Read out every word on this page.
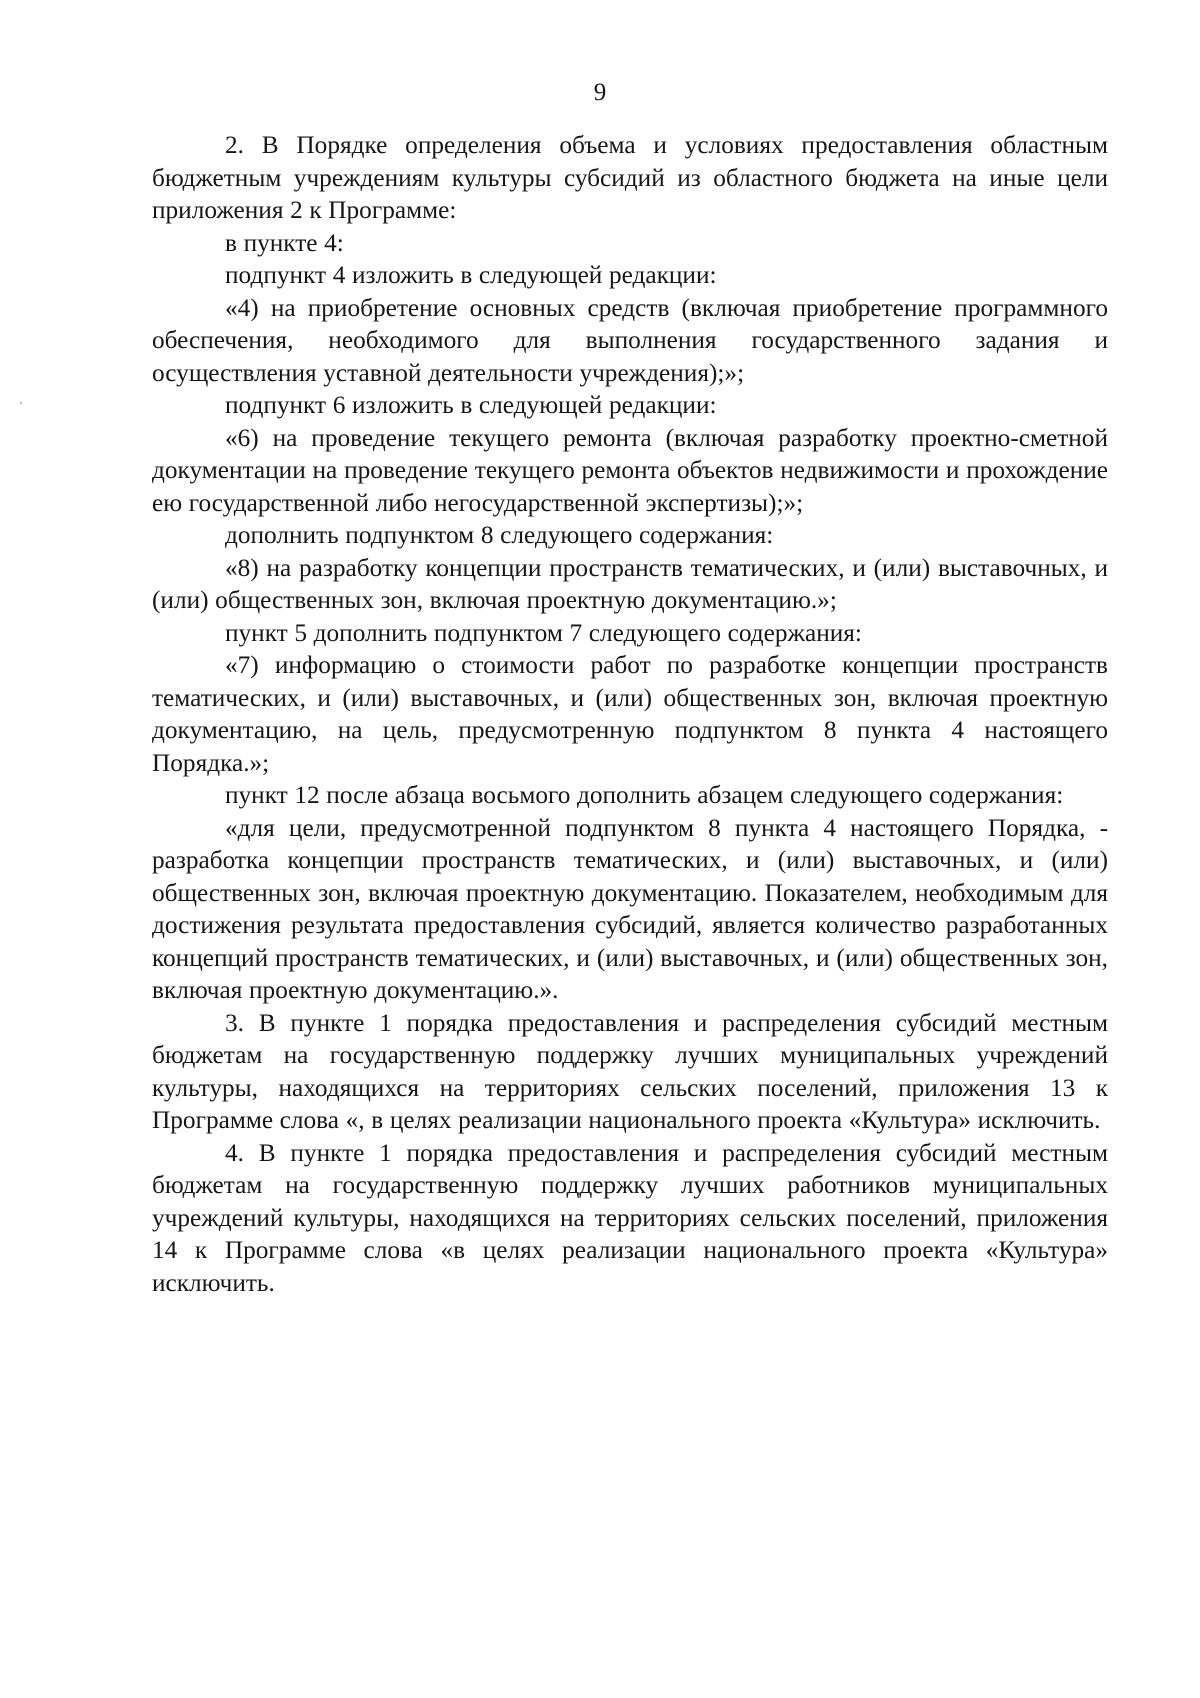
9

2. В Порядке определения объема и условиях предоставления областным бюджетным учреждениям культуры субсидий из областного бюджета на иные цели приложения 2 к Программе:

в пункте 4:

подпункт 4 изложить в следующей редакции:

«4) на приобретение основных средств (включая приобретение программного обеспечения, необходимого для выполнения государственного задания и осуществления уставной деятельности учреждения);»;

подпункт 6 изложить в следующей редакции:

«6) на проведение текущего ремонта (включая разработку проектно-сметной документации на проведение текущего ремонта объектов недвижимости и прохождение ею государственной либо негосударственной экспертизы);»;

дополнить подпунктом 8 следующего содержания:

«8) на разработку концепции пространств тематических, и (или) выставочных, и (или) общественных зон, включая проектную документацию.»;

пункт 5 дополнить подпунктом 7 следующего содержания:

«7) информацию о стоимости работ по разработке концепции пространств тематических, и (или) выставочных, и (или) общественных зон, включая проектную документацию, на цель, предусмотренную подпунктом 8 пункта 4 настоящего Порядка.»;

пункт 12 после абзаца восьмого дополнить абзацем следующего содержания:

«для цели, предусмотренной подпунктом 8 пункта 4 настоящего Порядка, - разработка концепции пространств тематических, и (или) выставочных, и (или) общественных зон, включая проектную документацию. Показателем, необходимым для достижения результата предоставления субсидий, является количество разработанных концепций пространств тематических, и (или) выставочных, и (или) общественных зон, включая проектную документацию.».

3. В пункте 1 порядка предоставления и распределения субсидий местным бюджетам на государственную поддержку лучших муниципальных учреждений культуры, находящихся на территориях сельских поселений, приложения 13 к Программе слова «, в целях реализации национального проекта «Культура» исключить.

4. В пункте 1 порядка предоставления и распределения субсидий местным бюджетам на государственную поддержку лучших работников муниципальных учреждений культуры, находящихся на территориях сельских поселений, приложения 14 к Программе слова «в целях реализации национального проекта «Культура» исключить.
